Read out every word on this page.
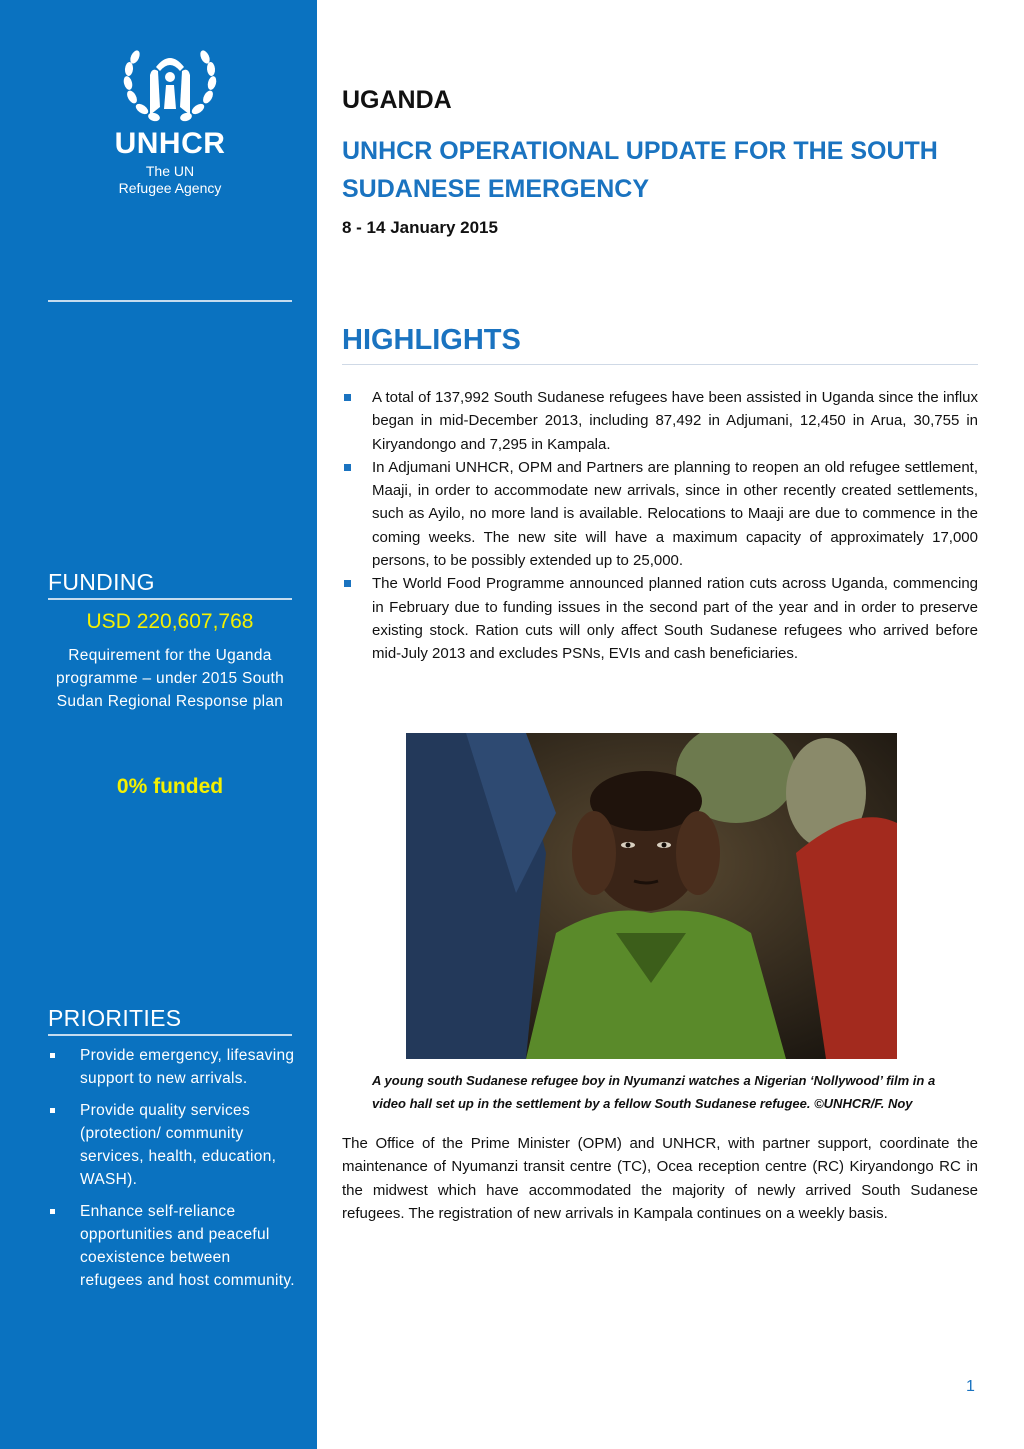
UNHCR
The UN
Refugee Agency
FUNDING
USD 220,607,768
Requirement for the Uganda programme – under 2015 South Sudan Regional Response plan
0% funded
PRIORITIES
Provide emergency, lifesaving support to new arrivals.
Provide quality services (protection/ community services, health, education, WASH).
Enhance self-reliance opportunities and peaceful coexistence between refugees and host community.
UGANDA
UNHCR OPERATIONAL UPDATE FOR THE SOUTH SUDANESE EMERGENCY
8 - 14 January 2015
HIGHLIGHTS
A total of 137,992 South Sudanese refugees have been assisted in Uganda since the influx began in mid-December 2013, including 87,492 in Adjumani, 12,450 in Arua, 30,755 in Kiryandongo and 7,295 in Kampala.
In Adjumani UNHCR, OPM and Partners are planning to reopen an old refugee settlement, Maaji, in order to accommodate new arrivals, since in other recently created settlements, such as Ayilo, no more land is available. Relocations to Maaji are due to commence in the coming weeks. The new site will have a maximum capacity of approximately 17,000 persons, to be possibly extended up to 25,000.
The World Food Programme announced planned ration cuts across Uganda, commencing in February due to funding issues in the second part of the year and in order to preserve existing stock. Ration cuts will only affect South Sudanese refugees who arrived before mid-July 2013 and excludes PSNs, EVIs and cash beneficiaries.
A young south Sudanese refugee boy in Nyumanzi watches a Nigerian ‘Nollywood’ film in a video hall set up in the settlement by a fellow South Sudanese refugee. ©UNHCR/F. Noy
The Office of the Prime Minister (OPM) and UNHCR, with partner support, coordinate the maintenance of Nyumanzi transit centre (TC), Ocea reception centre (RC) Kiryandongo RC in the midwest which have accommodated the majority of newly arrived South Sudanese refugees. The registration of new arrivals in Kampala continues on a weekly basis.
1
